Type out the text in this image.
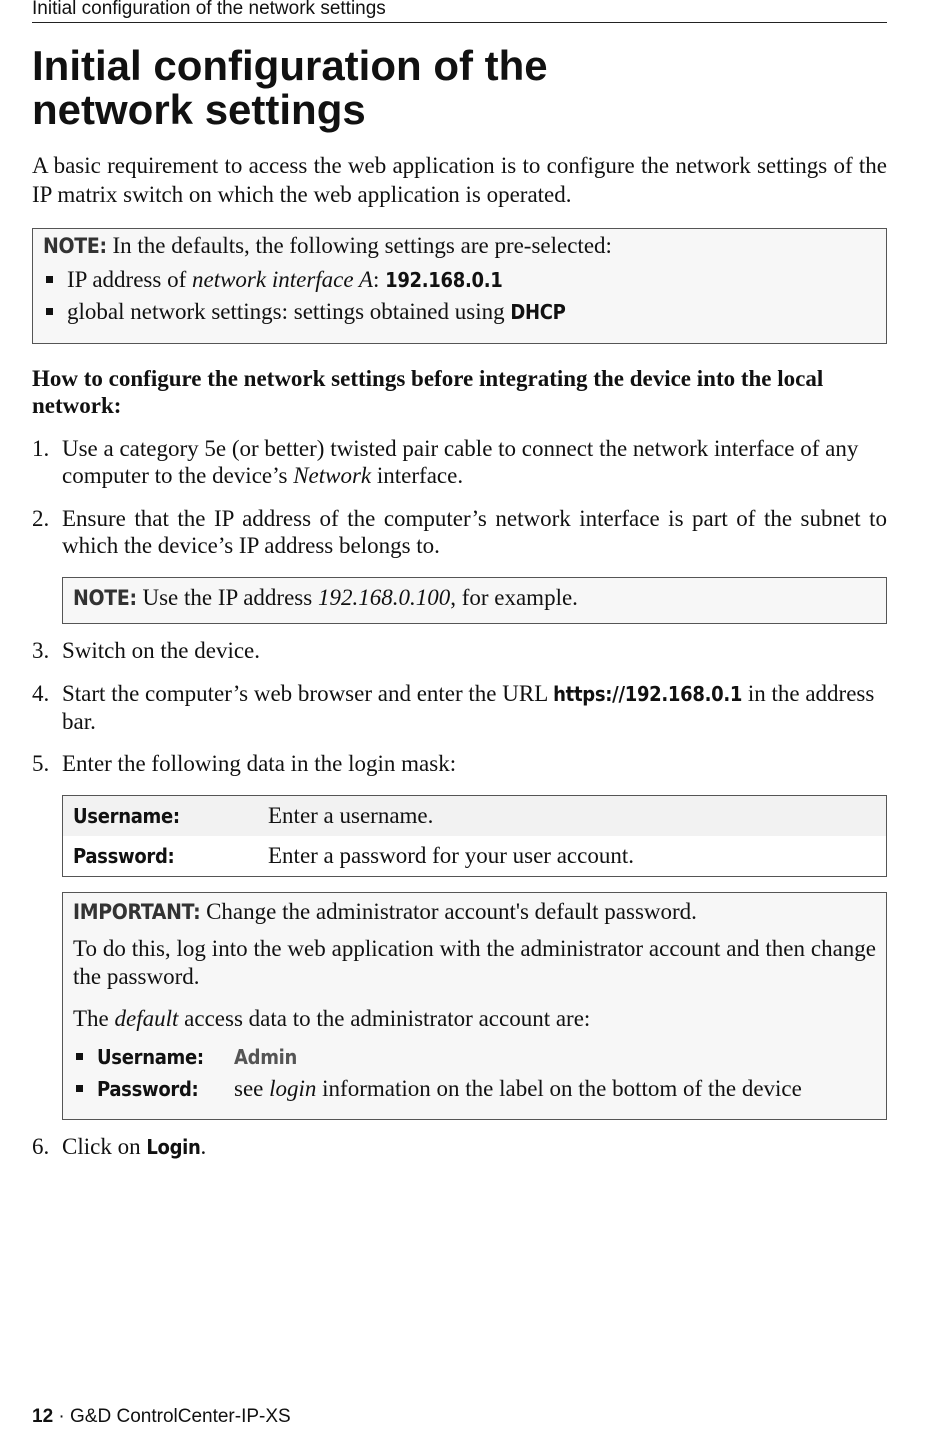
Initial configuration of the network settings
Initial configuration of the
network settings

A basic requirement to access the web application is to configure the network settings of the IP matrix switch on which the web application is operated.

NOTE: In the defaults, the following settings are pre-selected:

IP address of network interface A: 192.168.0.1
global network settings: settings obtained using DHCP

How to configure the network settings before integrating the device into the local network:

1. Use a category 5e (or better) twisted pair cable to connect the network interface of any computer to the device’s Network interface.
2. Ensure that the IP address of the computer’s network interface is part of the subnet to which the device’s IP address belongs to.

NOTE: Use the IP address 192.168.0.100, for example.

3. Switch on the device.
4. Start the computer’s web browser and enter the URL https://192.168.0.1 in the address bar.
5. Enter the following data in the login mask:
Username:	Enter a username.
Password:	Enter a password for your user account.

IMPORTANT: Change the administrator account's default password.

To do this, log into the web application with the administrator account and then change the password.

The default access data to the administrator account are:

Username: Admin
Password: see login information on the label on the bottom of the device
6. Click on Login.
12 · G&D ControlCenter-IP-XS
